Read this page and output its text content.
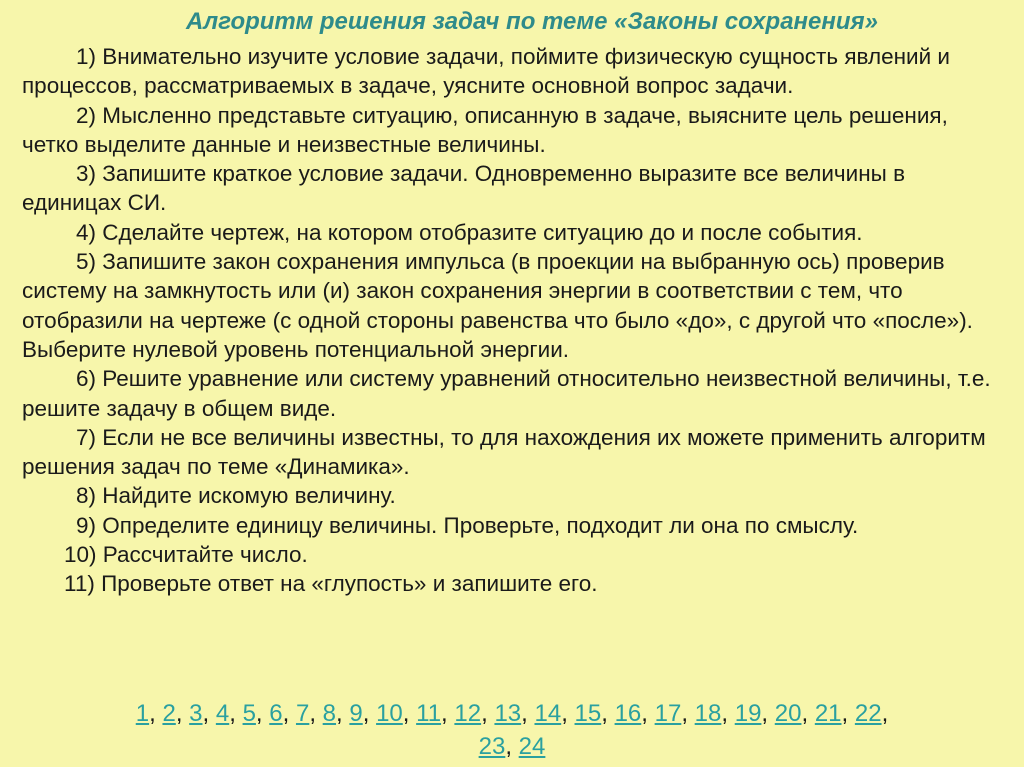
Алгоритм решения задач по теме «Законы сохранения»

1) Внимательно изучите условие задачи, поймите физическую сущность явлений и процессов, рассматриваемых в задаче, уясните основной вопрос задачи.

2) Мысленно представьте ситуацию, описанную в задаче, выясните цель решения, четко выделите данные и неизвестные величины.

3) Запишите краткое условие задачи. Одновременно выразите все величины в единицах СИ.

4) Сделайте чертеж, на котором отобразите ситуацию до и после события.

5) Запишите закон сохранения импульса (в проекции на выбранную ось) проверив систему на замкнутость или (и) закон сохранения энергии в соответствии с тем, что отобразили на чертеже (с одной стороны равенства что было «до», с другой что «после»). Выберите нулевой уровень потенциальной энергии.

6) Решите уравнение или систему уравнений относительно неизвестной величины, т.е. решите задачу в общем виде.

7) Если не все величины известны, то для нахождения их можете применить алгоритм решения задач по теме «Динамика».

8) Найдите искомую величину.

9) Определите единицу величины. Проверьте, подходит ли она по смыслу.

10) Рассчитайте число.

11) Проверьте ответ на «глупость» и запишите его.

1, 2, 3, 4, 5, 6, 7, 8, 9, 10, 11, 12, 13, 14, 15, 16, 17, 18, 19, 20, 21, 22,
23, 24
